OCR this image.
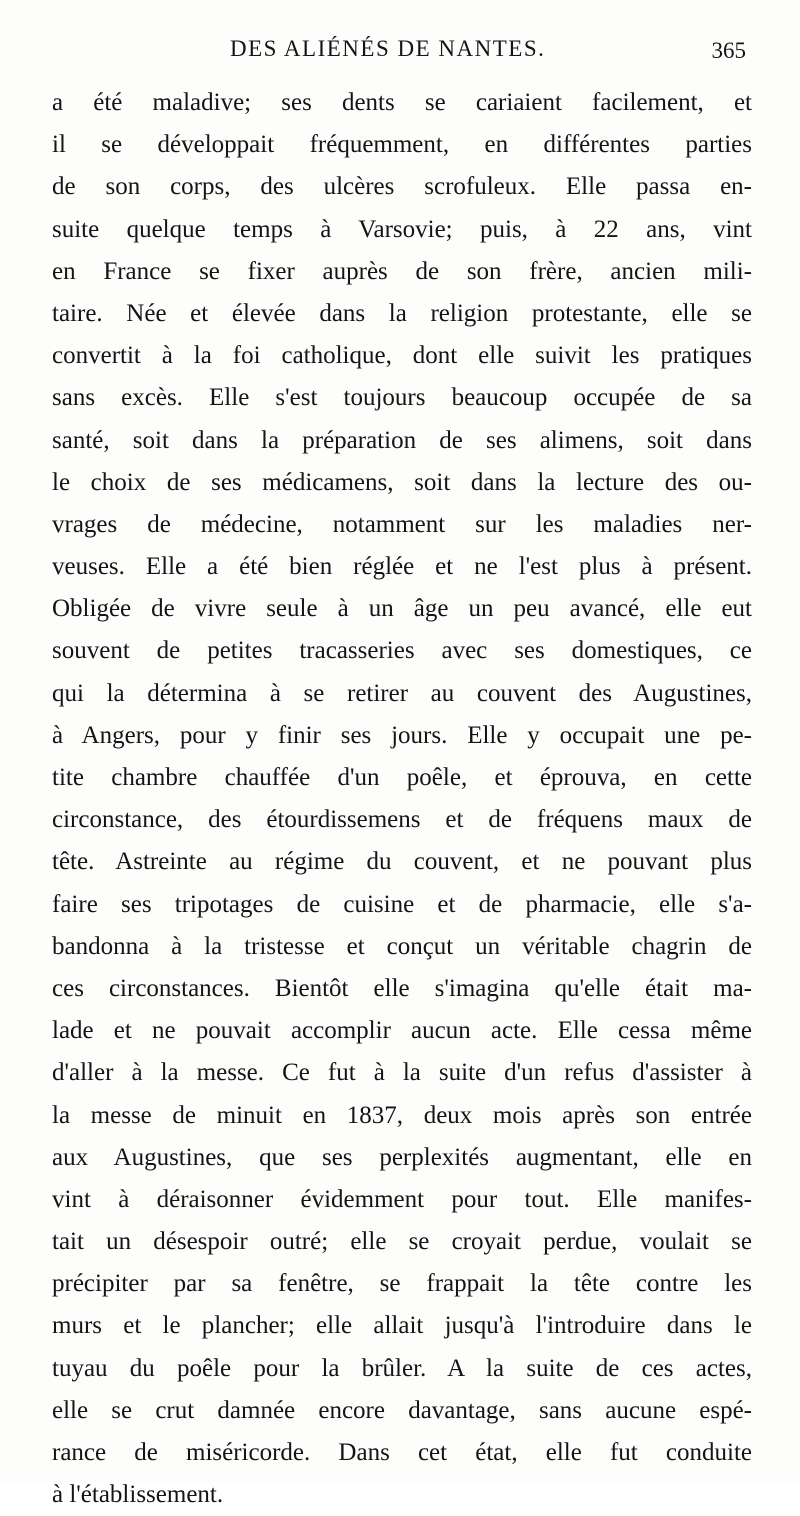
DES ALIÉNÉS DE NANTES.	365
a été maladive; ses dents se cariaient facilement, et
il se développait fréquemment, en différentes parties
de son corps, des ulcères scrofuleux. Elle passa en-
suite quelque temps à Varsovie; puis, à 22 ans, vint
en France se fixer auprès de son frère, ancien mili-
taire. Née et élevée dans la religion protestante, elle se
convertit à la foi catholique, dont elle suivit les pratiques
sans excès. Elle s'est toujours beaucoup occupée de sa
santé, soit dans la préparation de ses alimens, soit dans
le choix de ses médicamens, soit dans la lecture des ou-
vrages de médecine, notamment sur les maladies ner-
veuses. Elle a été bien réglée et ne l'est plus à présent.
Obligée de vivre seule à un âge un peu avancé, elle eut
souvent de petites tracasseries avec ses domestiques, ce
qui la détermina à se retirer au couvent des Augustines,
à Angers, pour y finir ses jours. Elle y occupait une pe-
tite chambre chauffée d'un poêle, et éprouva, en cette
circonstance, des étourdissemens et de fréquens maux de
tête. Astreinte au régime du couvent, et ne pouvant plus
faire ses tripotages de cuisine et de pharmacie, elle s'a-
bandonna à la tristesse et conçut un véritable chagrin de
ces circonstances. Bientôt elle s'imagina qu'elle était ma-
lade et ne pouvait accomplir aucun acte. Elle cessa même
d'aller à la messe. Ce fut à la suite d'un refus d'assister à
la messe de minuit en 1837, deux mois après son entrée
aux Augustines, que ses perplexités augmentant, elle en
vint à déraisonner évidemment pour tout. Elle manifes-
tait un désespoir outré; elle se croyait perdue, voulait se
précipiter par sa fenêtre, se frappait la tête contre les
murs et le plancher; elle allait jusqu'à l'introduire dans le
tuyau du poêle pour la brûler. A la suite de ces actes,
elle se crut damnée encore davantage, sans aucune espé-
rance de miséricorde. Dans cet état, elle fut conduite
à l'établissement.
